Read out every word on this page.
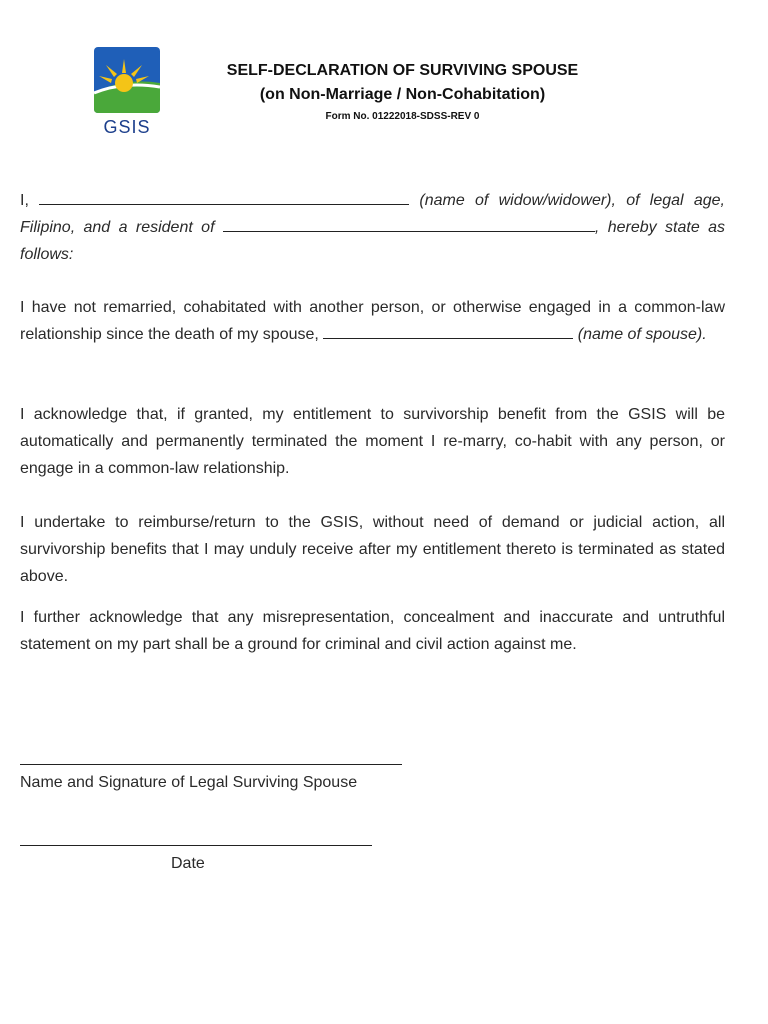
GSIS
SELF-DECLARATION OF SURVIVING SPOUSE
(on Non-Marriage / Non-Cohabitation)
Form No. 01222018-SDSS-REV 0
I,	(name of widow/widower), of legal age, Filipino, and a resident of	, hereby state as follows:
I have not remarried, cohabitated with another person, or otherwise engaged in a common-law relationship since the death of my spouse,	(name of spouse).
I acknowledge that, if granted, my entitlement to survivorship benefit from the GSIS will be automatically and permanently terminated the moment I re-marry, co-habit with any person, or engage in a common-law relationship.
I undertake to reimburse/return to the GSIS, without need of demand or judicial action, all survivorship benefits that I may unduly receive after my entitlement thereto is terminated as stated above.
I further acknowledge that any misrepresentation, concealment and inaccurate and untruthful statement on my part shall be a ground for criminal and civil action against me.
Name and Signature of Legal Surviving Spouse
Date
